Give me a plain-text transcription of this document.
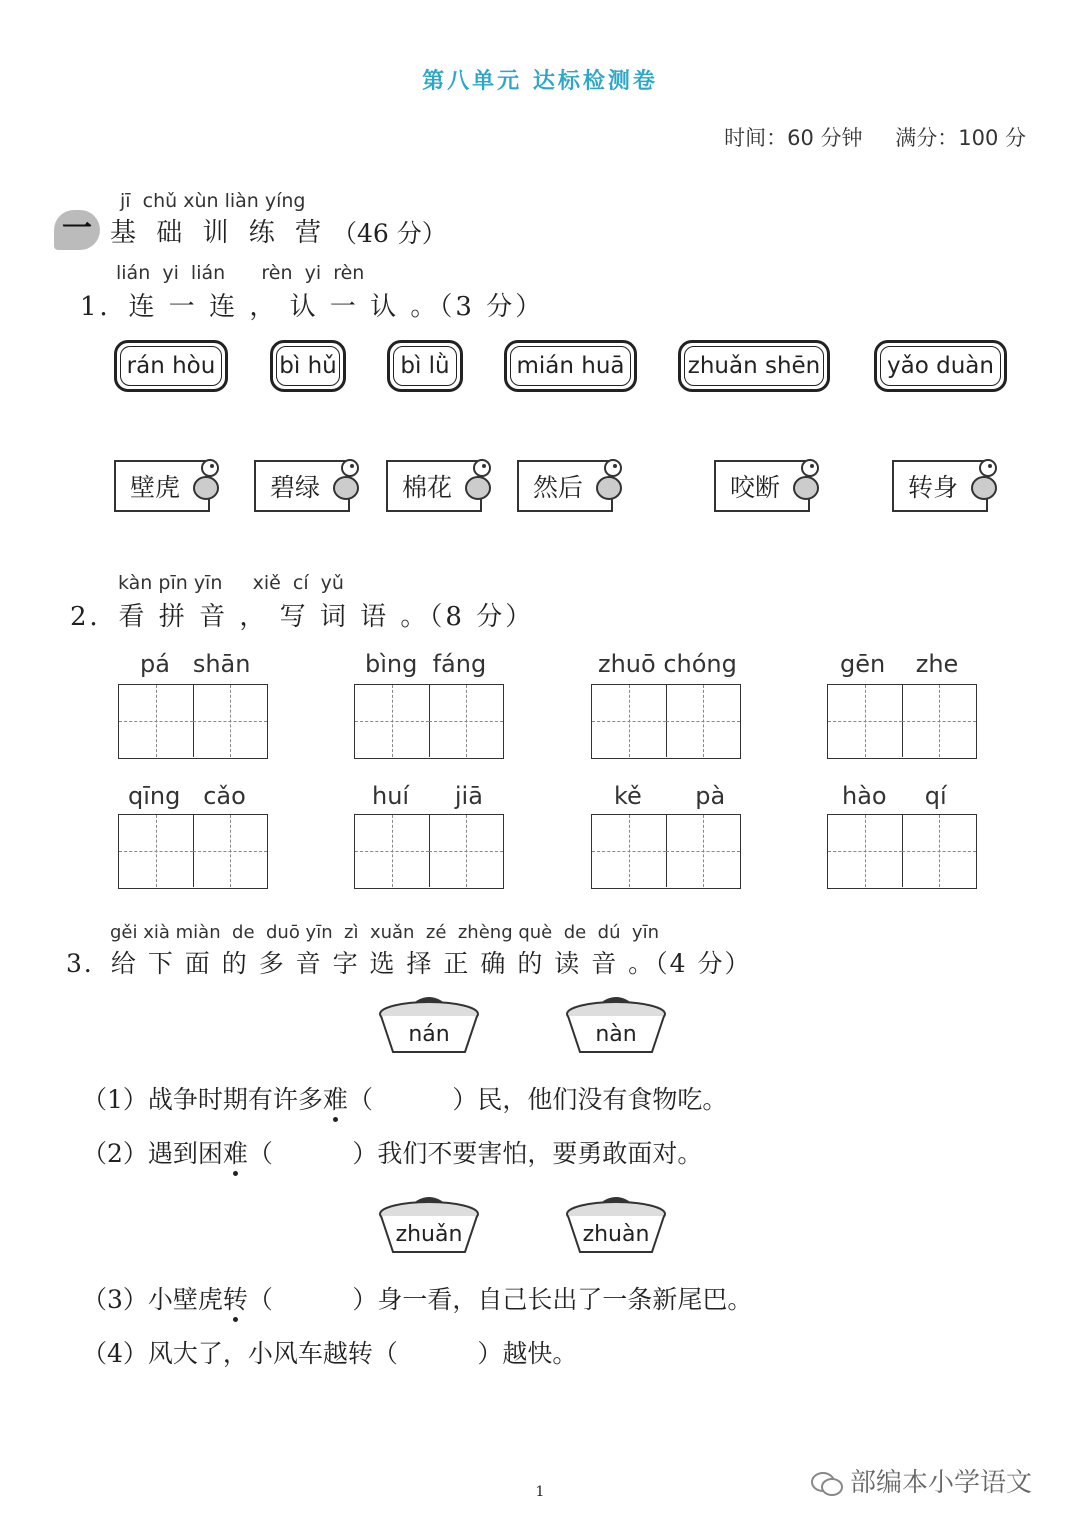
第八单元 达标检测卷
时间：60 分钟 满分：100 分
jī  chǔ xùn liàn yíng
一 基 础 训 练 营 （46 分）
lián  yi  lián      rèn  yi  rèn
1．连 一 连 ， 认 一 认 。（3 分）
rán hòu	bì hǔ	bì lǜ	mián huā	zhuǎn shēn	yǎo duàn
壁虎	碧绿	棉花	然后	咬断	转身
kàn pīn yīn     xiě  cí  yǔ
2．看 拼 音 ， 写 词 语 。（8 分）
pá   shān	bìng  fáng	zhuō chóng	gēn    zhe
qīng   cǎo	huí      jiā	kě       pà	hào     qí
gěi xià miàn  de  duō yīn  zì  xuǎn  zé  zhèng què  de  dú  yīn
3．给 下 面 的 多 音 字 选 择 正 确 的 读 音 。（4 分）
nán	nàn
（1）战争时期有许多难（          ）民，他们没有食物吃。
（2）遇到困难（          ）我们不要害怕，要勇敢面对。
zhuǎn	zhuàn
（3）小壁虎转（          ）身一看，自己长出了一条新尾巴。
（4）风大了，小风车越转（          ）越快。
1	部编本小学语文
